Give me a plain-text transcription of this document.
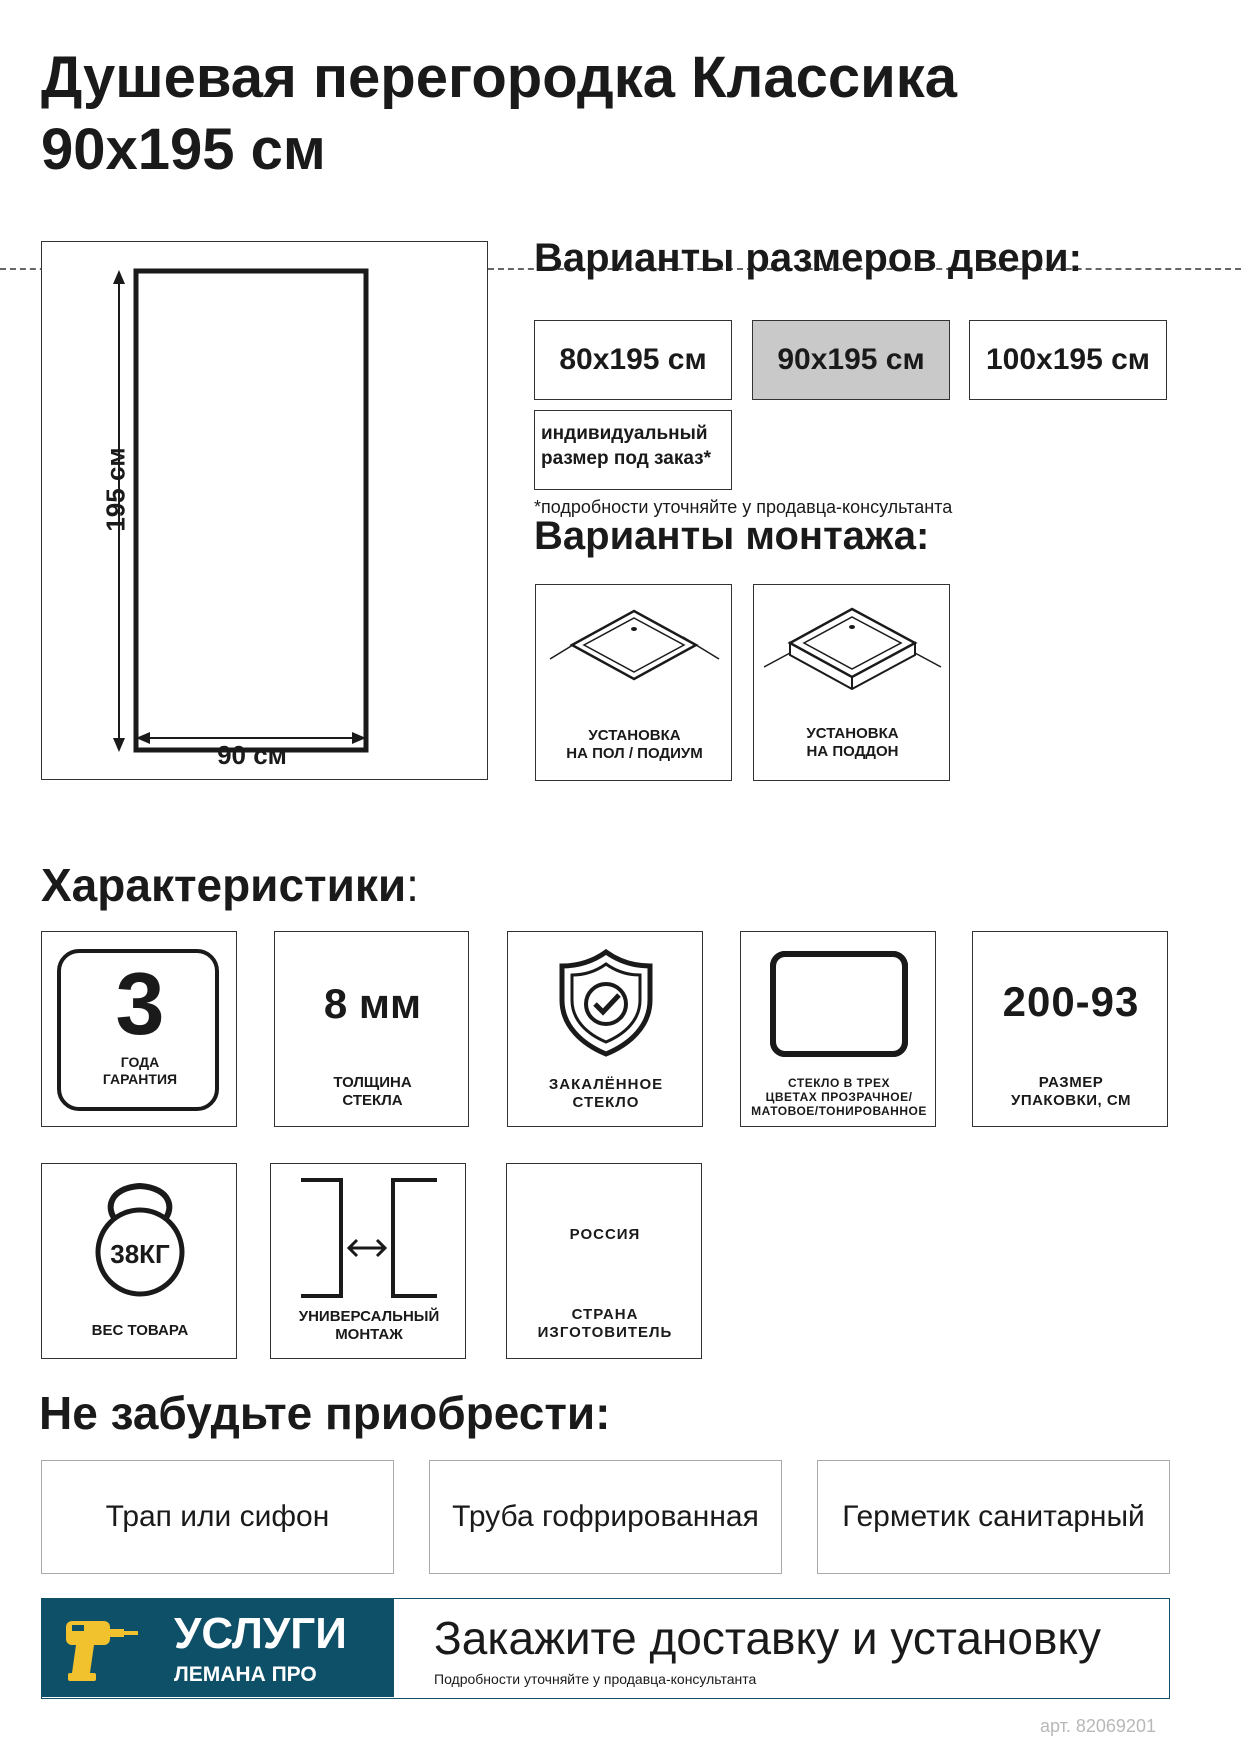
Душевая перегородка Классика
90x195 см
195 см
90 см
Варианты размеров двери:
80x195 см 90x195 см 100x195 см
индивидуальный
размер под заказ*
*подробности уточняйте у продавца-консультанта
Варианты монтажа:
УСТАНОВКА
НА ПОЛ / ПОДИУМ
УСТАНОВКА
НА ПОДДОН
Характеристики:
3
ГОДА
ГАРАНТИЯ
8 мм
ТОЛЩИНА
СТЕКЛА
ЗАКАЛЁННОЕ
СТЕКЛО
СТЕКЛО В ТРЕХ
ЦВЕТАХ ПРОЗРАЧНОЕ/
МАТОВОЕ/ТОНИРОВАННОЕ
200-93
РАЗМЕР
УПАКОВКИ, СМ
38КГ
ВЕС ТОВАРА
УНИВЕРСАЛЬНЫЙ
МОНТАЖ
РОССИЯ
СТРАНА
ИЗГОТОВИТЕЛЬ
Не забудьте приобрести:
Трап или сифон	Труба гофрированная	Герметик санитарный
УСЛУГИ
ЛЕМАНА ПРО
Закажите доставку и установку
Подробности уточняйте у продавца-консультанта
арт. 82069201
